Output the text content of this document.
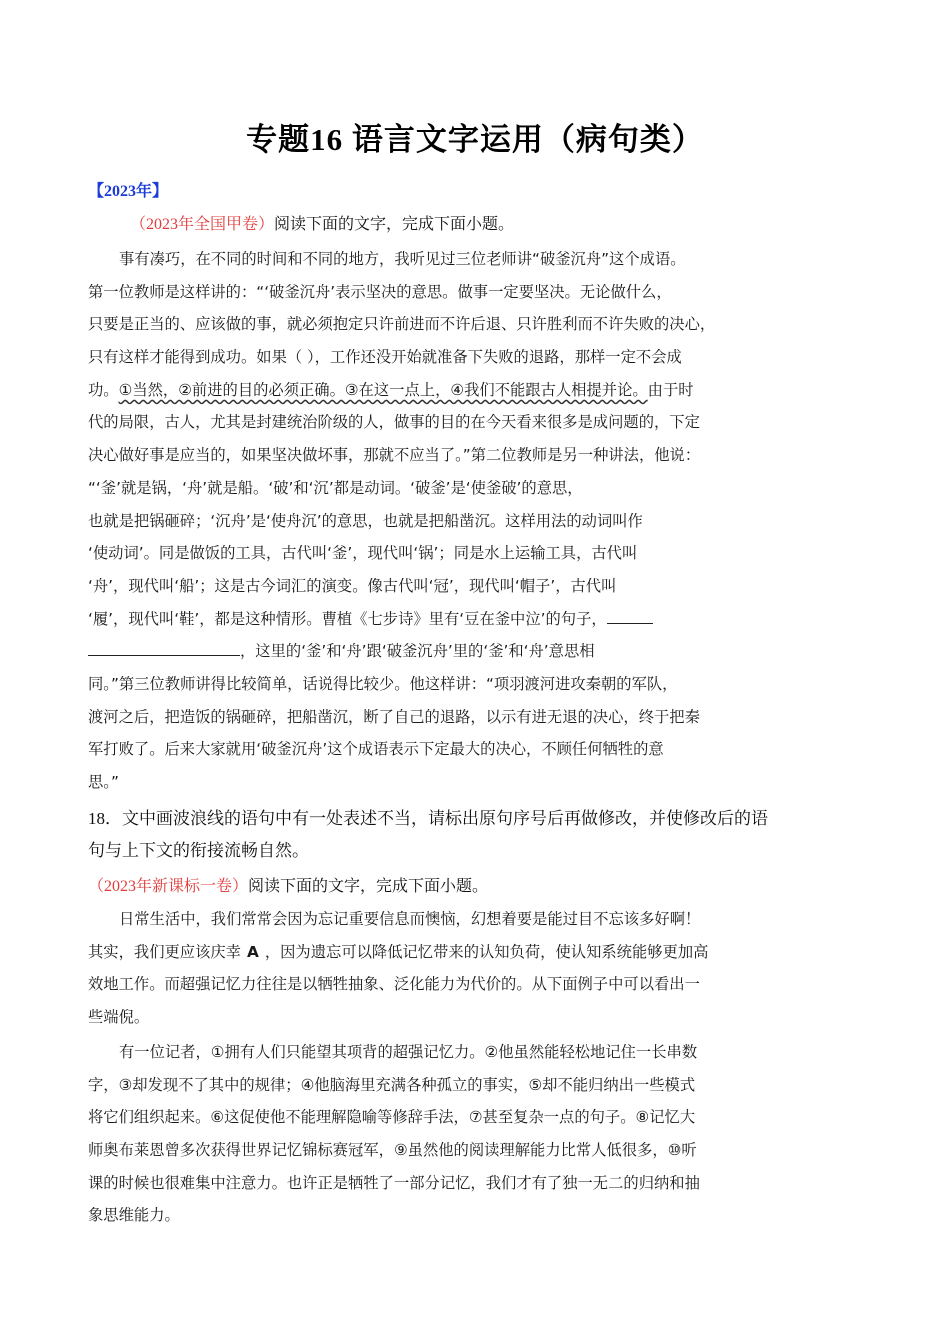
专题16 语言文字运用（病句类）
【2023年】
（2023年全国甲卷）阅读下面的文字，完成下面小题。
事有凑巧，在不同的时间和不同的地方，我听见过三位老师讲“破釜沉舟”这个成语。
第一位教师是这样讲的：“‘破釜沉舟’表示坚决的意思。做事一定要坚决。无论做什么，
只要是正当的、应该做的事，就必须抱定只许前进而不许后退、只许胜利而不许失败的决心，
只有这样才能得到成功。如果（ ），工作还没开始就准备下失败的退路，那样一定不会成
功。①当然，②前进的目的必须正确。③在这一点上，④我们不能跟古人相提并论。由于时
代的局限，古人，尤其是封建统治阶级的人，做事的目的在今天看来很多是成问题的，下定
决心做好事是应当的，如果坚决做坏事，那就不应当了。”第二位教师是另一种讲法，他说：
“‘釜’就是锅，‘舟’就是船。‘破’和‘沉’都是动词。‘破釜’是‘使釜破’的意思，
也就是把锅砸碎；‘沉舟’是‘使舟沉’的意思，也就是把船凿沉。这样用法的动词叫作
‘使动词’。同是做饭的工具，古代叫‘釜’，现代叫‘锅’；同是水上运输工具，古代叫
‘舟’，现代叫‘船’；这是古今词汇的演变。像古代叫‘冠’，现代叫‘帽子’，古代叫
‘履’，现代叫‘鞋’，都是这种情形。曹植《七步诗》里有‘豆在釜中泣’的句子，
，这里的‘釜’和‘舟’跟‘破釜沉舟’里的‘釜’和‘舟’意思相
同。”第三位教师讲得比较简单，话说得比较少。他这样讲：“项羽渡河进攻秦朝的军队，
渡河之后，把造饭的锅砸碎，把船凿沉，断了自己的退路，以示有进无退的决心，终于把秦
军打败了。后来大家就用‘破釜沉舟’这个成语表示下定最大的决心，不顾任何牺牲的意
思。”
18．文中画波浪线的语句中有一处表述不当，请标出原句序号后再做修改，并使修改后的语
句与上下文的衔接流畅自然。
（2023年新课标一卷）阅读下面的文字，完成下面小题。
日常生活中，我们常常会因为忘记重要信息而懊恼，幻想着要是能过目不忘该多好啊！
其实，我们更应该庆幸 A ，因为遗忘可以降低记忆带来的认知负荷，使认知系统能够更加高
效地工作。而超强记忆力往往是以牺牲抽象、泛化能力为代价的。从下面例子中可以看出一
些端倪。
有一位记者，①拥有人们只能望其项背的超强记忆力。②他虽然能轻松地记住一长串数
字，③却发现不了其中的规律；④他脑海里充满各种孤立的事实，⑤却不能归纳出一些模式
将它们组织起来。⑥这促使他不能理解隐喻等修辞手法，⑦甚至复杂一点的句子。⑧记忆大
师奥布莱恩曾多次获得世界记忆锦标赛冠军，⑨虽然他的阅读理解能力比常人低很多，⑩听
课的时候也很难集中注意力。也许正是牺牲了一部分记忆，我们才有了独一无二的归纳和抽
象思维能力。
